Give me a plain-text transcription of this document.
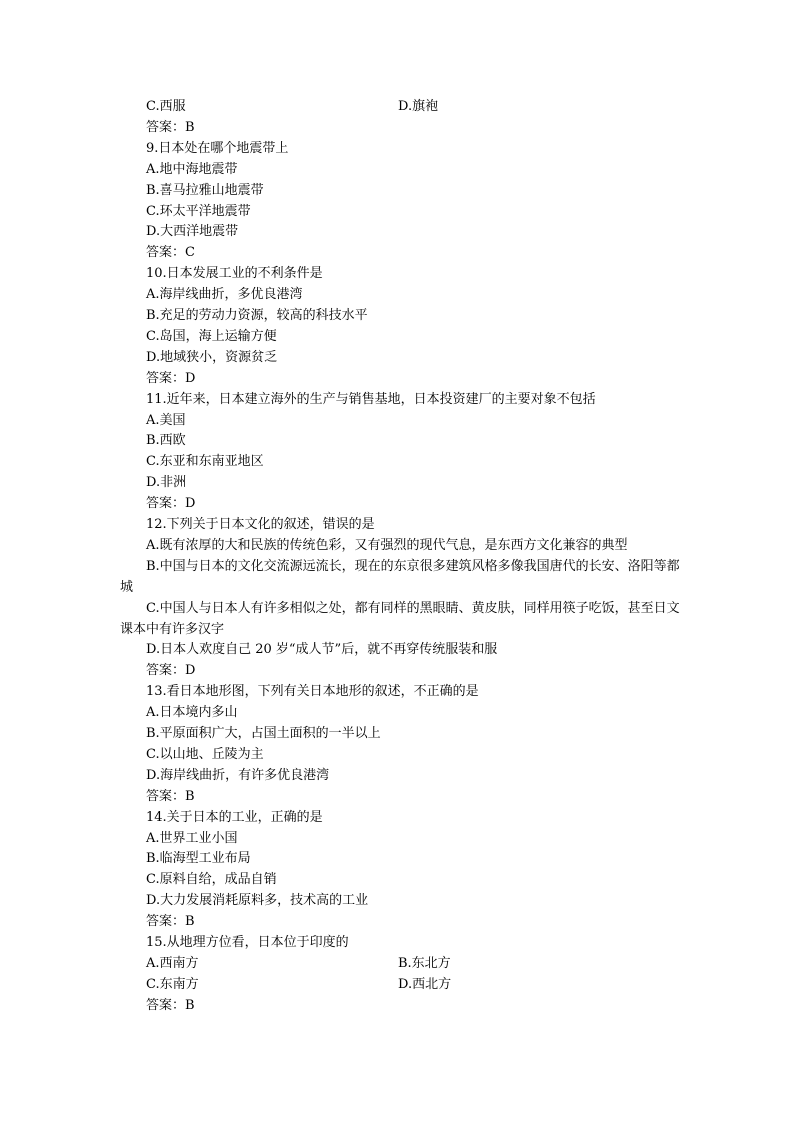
C.西服	D.旗袍
答案：B
9.日本处在哪个地震带上
A.地中海地震带
B.喜马拉雅山地震带
C.环太平洋地震带
D.大西洋地震带
答案：C
10.日本发展工业的不利条件是
A.海岸线曲折，多优良港湾
B.充足的劳动力资源，较高的科技水平
C.岛国，海上运输方便
D.地域狭小，资源贫乏
答案：D
11.近年来，日本建立海外的生产与销售基地，日本投资建厂的主要对象不包括
A.美国
B.西欧
C.东亚和东南亚地区
D.非洲
答案：D
12.下列关于日本文化的叙述，错误的是
A.既有浓厚的大和民族的传统色彩，又有强烈的现代气息，是东西方文化兼容的典型
B.中国与日本的文化交流源远流长，现在的东京很多建筑风格多像我国唐代的长安、洛阳等都城
C.中国人与日本人有许多相似之处，都有同样的黑眼睛、黄皮肤，同样用筷子吃饭，甚至日文课本中有许多汉字
D.日本人欢度自己 20 岁“成人节”后，就不再穿传统服装和服
答案：D
13.看日本地形图，下列有关日本地形的叙述，不正确的是
A.日本境内多山
B.平原面积广大，占国土面积的一半以上
C.以山地、丘陵为主
D.海岸线曲折，有许多优良港湾
答案：B
14.关于日本的工业，正确的是
A.世界工业小国
B.临海型工业布局
C.原料自给，成品自销
D.大力发展消耗原料多，技术高的工业
答案：B
15.从地理方位看，日本位于印度的
A.西南方	B.东北方
C.东南方	D.西北方
答案：B
